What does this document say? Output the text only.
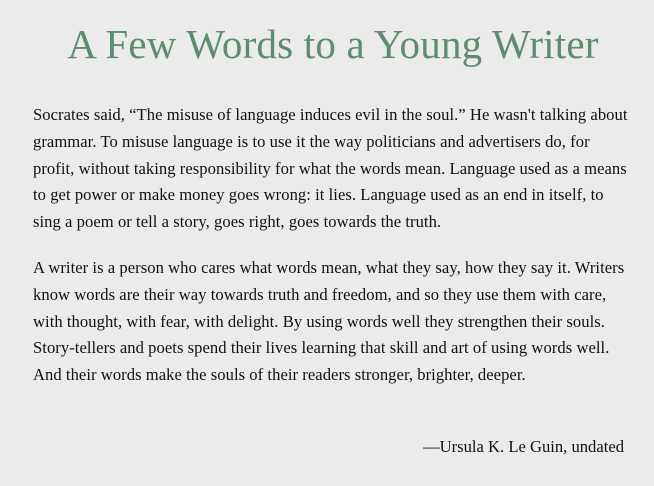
A Few Words to a Young Writer

Socrates said, “The misuse of language induces evil in the soul.” He wasn't talking about grammar. To misuse language is to use it the way politicians and advertisers do, for profit, without taking responsibility for what the words mean. Language used as a means to get power or make money goes wrong: it lies. Language used as an end in itself, to sing a poem or tell a story, goes right, goes towards the truth.

A writer is a person who cares what words mean, what they say, how they say it. Writers know words are their way towards truth and freedom, and so they use them with care, with thought, with fear, with delight. By using words well they strengthen their souls. Story-tellers and poets spend their lives learning that skill and art of using words well. And their words make the souls of their readers stronger, brighter, deeper.

—Ursula K. Le Guin, undated
